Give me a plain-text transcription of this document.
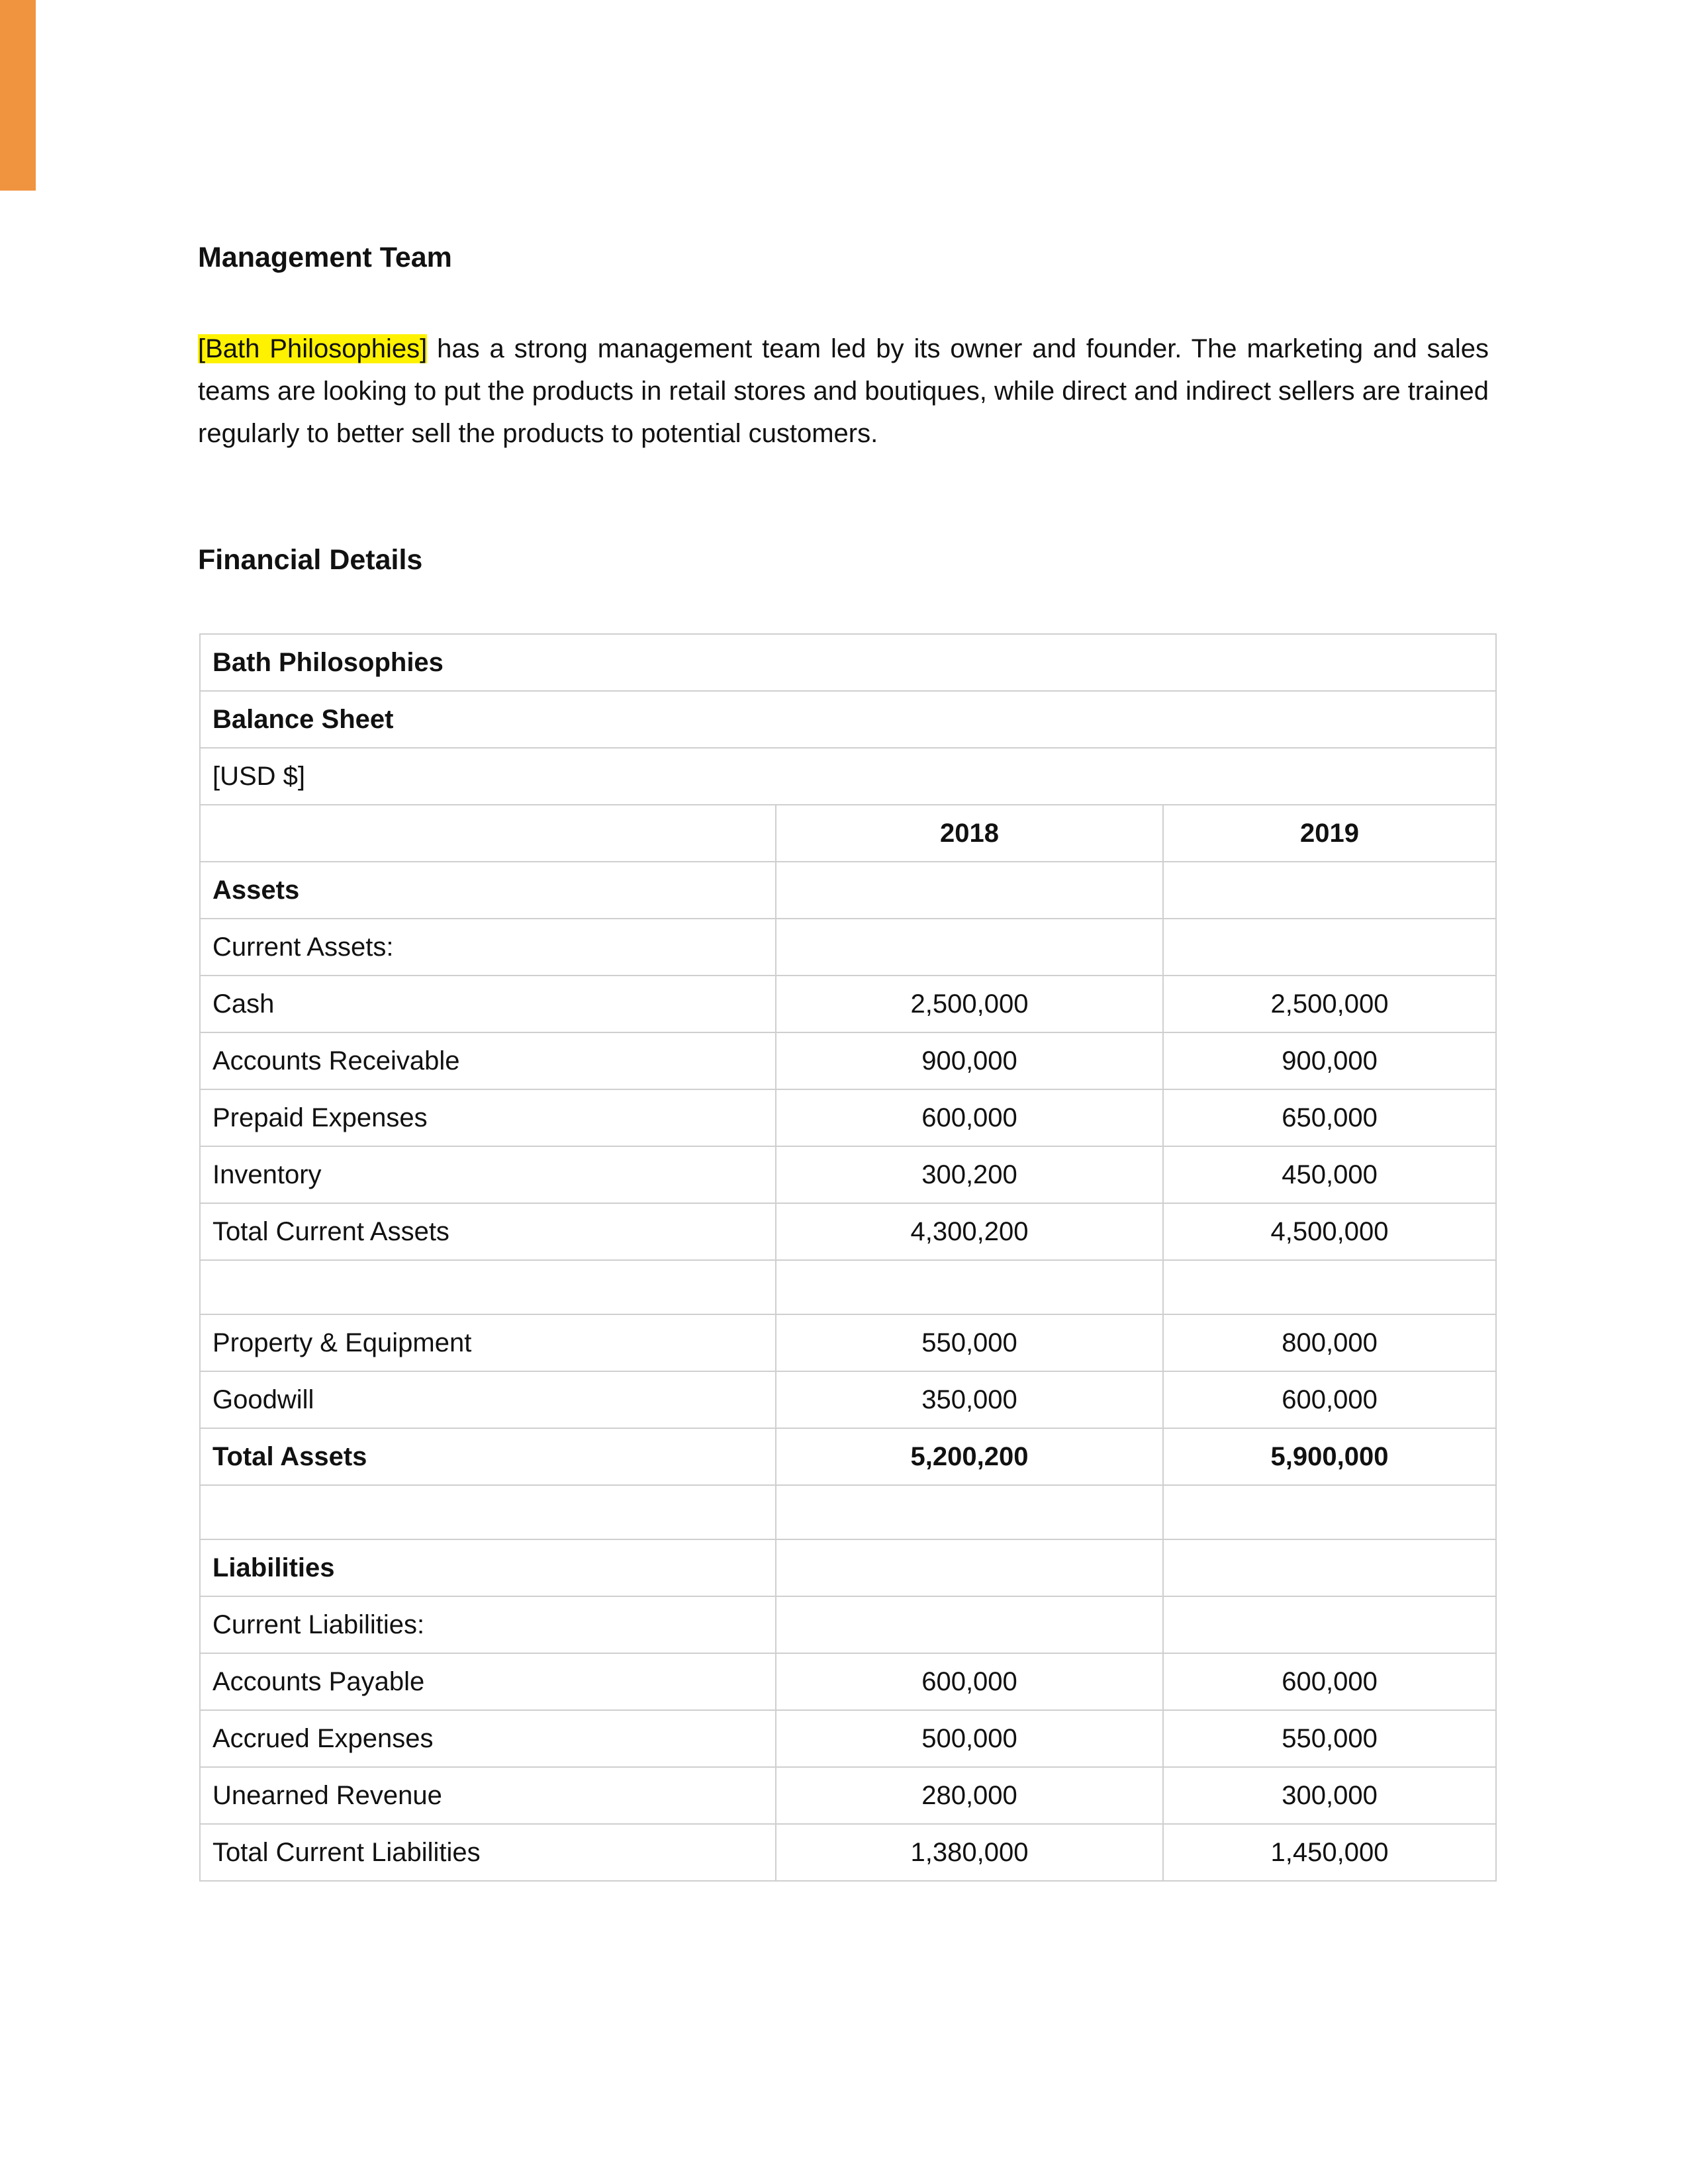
Management Team

[Bath Philosophies] has a strong management team led by its owner and founder. The marketing and sales teams are looking to put the products in retail stores and boutiques, while direct and indirect sellers are trained regularly to better sell the products to potential customers.

Financial Details
Bath Philosophies		
Balance Sheet		
[USD $]		
	2018	2019
Assets		
Current Assets:		
Cash	2,500,000	2,500,000
Accounts Receivable	900,000	900,000
Prepaid Expenses	600,000	650,000
Inventory	300,200	450,000
Total Current Assets	4,300,200	4,500,000

Property & Equipment	550,000	800,000
Goodwill	350,000	600,000
Total Assets	5,200,200	5,900,000

Liabilities		
Current Liabilities:		
Accounts Payable	600,000	600,000
Accrued Expenses	500,000	550,000
Unearned Revenue	280,000	300,000
Total Current Liabilities	1,380,000	1,450,000
